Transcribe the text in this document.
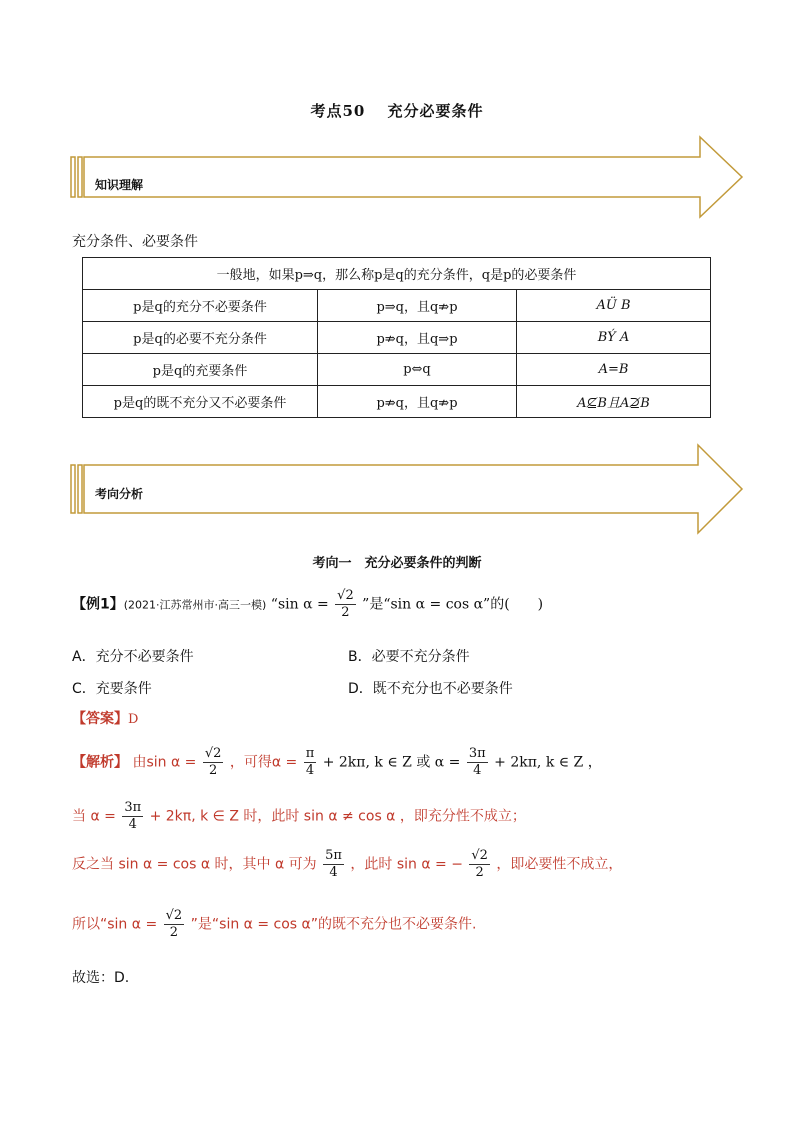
考点50　 充分必要条件
知识理解
充分条件、必要条件
一般地，如果p⇒q，那么称p是q的充分条件，q是p的必要条件		
p是q的充分不必要条件	p⇒q，且q⇏p	AÜ B
p是q的必要不充分条件	p⇏q，且q⇒p	BÝ A
p是q的充要条件	p⇔q	A=B
p是q的既不充分又不必要条件	p⇏q，且q⇏p	A⊈B且A⊉B
考向分析
考向一　充分必要条件的判断
【例1】(2021·江苏常州市·高三一模) “sin $\alpha = \frac{√2}{2}$ ”是“sin α = cos α”的(　　)
A．充分不必要条件	B．必要不充分条件
C．充要条件	D．既不充分也不必要条件
【答案】D
【解析】 由$\sin \alpha = \frac{√2}{2}$ ，可得$\alpha = \frac{\pi}{4} + 2k\pi$, k ∈ Z 或 $\alpha = \frac{3\pi}{4} + 2k\pi$, k ∈ Z ，
当 $\alpha = \frac{3\pi}{4} + 2k\pi$, k ∈ Z 时，此时 sin α ≠ cos α ，即充分性不成立；
反之当 sin α = cos α 时，其中 α 可为 $\frac{5\pi}{4}$ ，此时 sin α = − $\frac{√2}{2}$ ，即必要性不成立，
所以“sin $\alpha = \frac{√2}{2}$ ”是“sin α = cos α”的既不充分也不必要条件.
故选：D.
